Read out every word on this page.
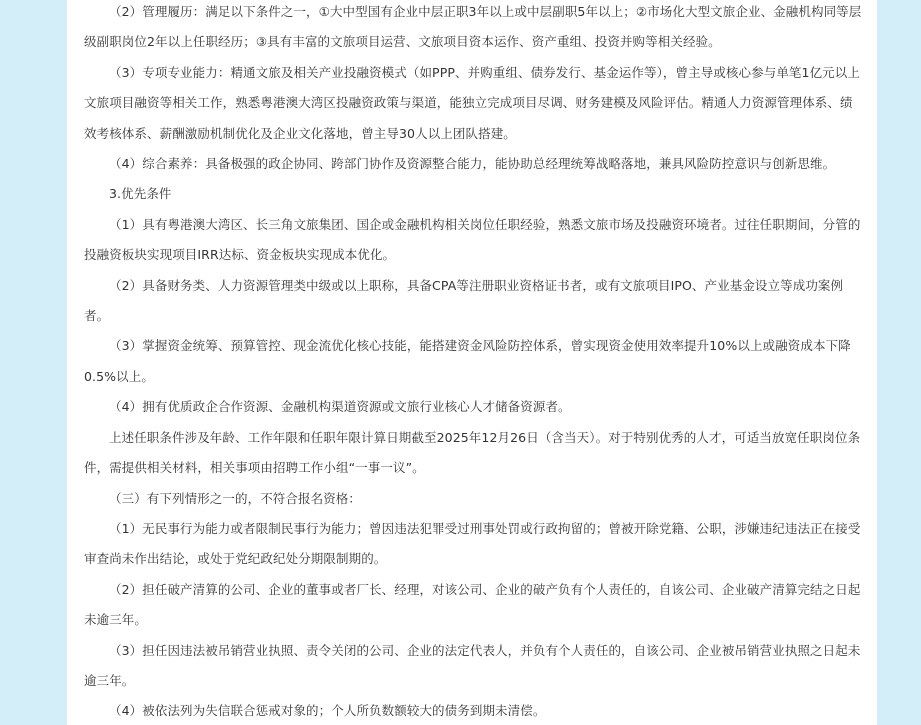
（2）管理履历：满足以下条件之一，①大中型国有企业中层正职3年以上或中层副职5年以上；②市场化大型文旅企业、金融机构同等层级副职岗位2年以上任职经历；③具有丰富的文旅项目运营、文旅项目资本运作、资产重组、投资并购等相关经验。

（3）专项专业能力：精通文旅及相关产业投融资模式（如PPP、并购重组、债券发行、基金运作等），曾主导或核心参与单笔1亿元以上文旅项目融资等相关工作，熟悉粤港澳大湾区投融资政策与渠道，能独立完成项目尽调、财务建模及风险评估。精通人力资源管理体系、绩效考核体系、薪酬激励机制优化及企业文化落地，曾主导30人以上团队搭建。

（4）综合素养：具备极强的政企协同、跨部门协作及资源整合能力，能协助总经理统筹战略落地，兼具风险防控意识与创新思维。

3.优先条件

（1）具有粤港澳大湾区、长三角文旅集团、国企或金融机构相关岗位任职经验，熟悉文旅市场及投融资环境者。过往任职期间，分管的投融资板块实现项目IRR达标、资金板块实现成本优化。

（2）具备财务类、人力资源管理类中级或以上职称，具备CPA等注册职业资格证书者，或有文旅项目IPO、产业基金设立等成功案例者。

（3）掌握资金统筹、预算管控、现金流优化核心技能，能搭建资金风险防控体系，曾实现资金使用效率提升10%以上或融资成本下降0.5%以上。

（4）拥有优质政企合作资源、金融机构渠道资源或文旅行业核心人才储备资源者。

上述任职条件涉及年龄、工作年限和任职年限计算日期截至2025年12月26日（含当天）。对于特别优秀的人才，可适当放宽任职岗位条件，需提供相关材料，相关事项由招聘工作小组“一事一议”。

（三）有下列情形之一的，不符合报名资格：

（1）无民事行为能力或者限制民事行为能力；曾因违法犯罪受过刑事处罚或行政拘留的；曾被开除党籍、公职，涉嫌违纪违法正在接受审查尚未作出结论，或处于党纪政纪处分期限制期的。

（2）担任破产清算的公司、企业的董事或者厂长、经理，对该公司、企业的破产负有个人责任的，自该公司、企业破产清算完结之日起未逾三年。

（3）担任因违法被吊销营业执照、责令关闭的公司、企业的法定代表人，并负有个人责任的，自该公司、企业被吊销营业执照之日起未逾三年。

（4）被依法列为失信联合惩戒对象的；个人所负数额较大的债务到期未清偿。
